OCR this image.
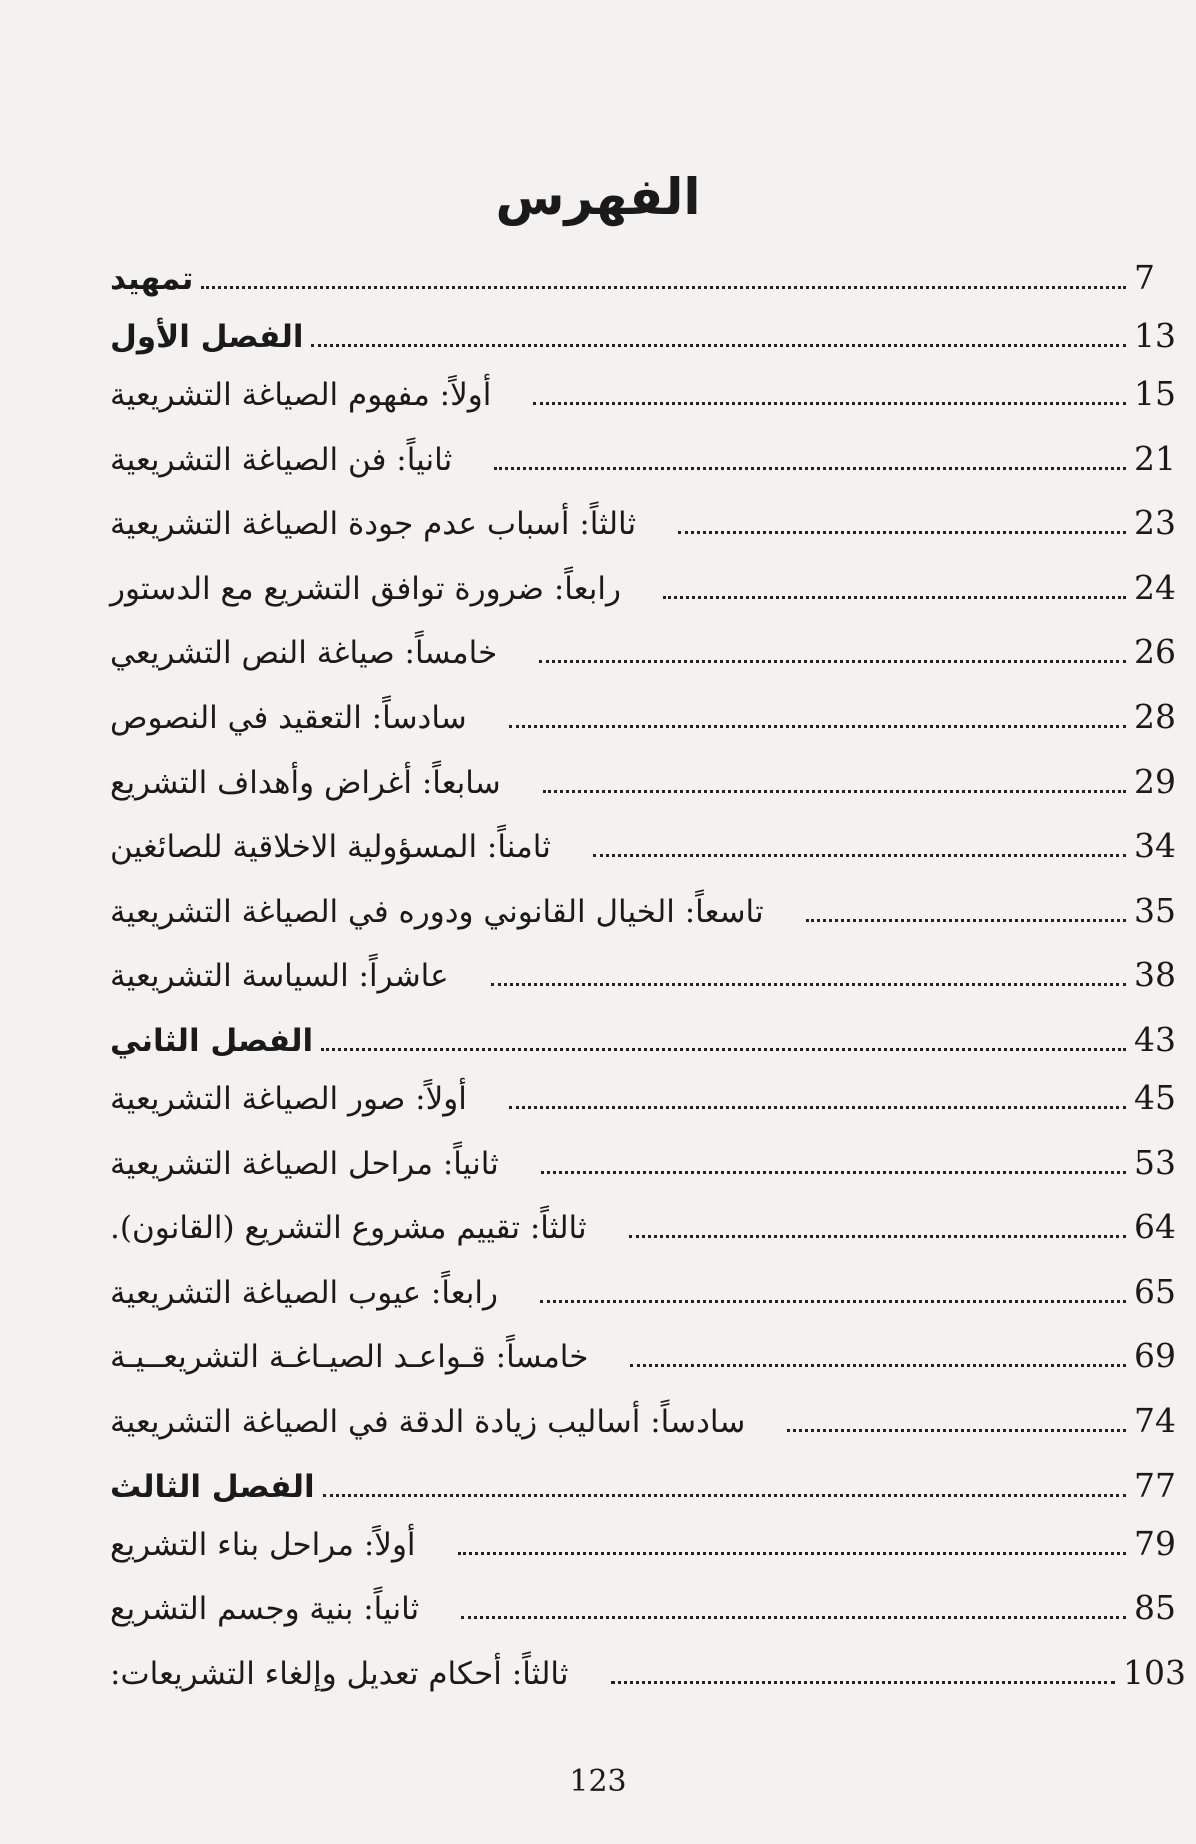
الفهرس
تمهيد	7
الفصل الأول	13
أولاً: مفهوم الصياغة التشريعية	15
ثانياً: فن الصياغة التشريعية	21
ثالثاً: أسباب عدم جودة الصياغة التشريعية	23
رابعاً: ضرورة توافق التشريع مع الدستور	24
خامساً: صياغة النص التشريعي	26
سادساً: التعقيد في النصوص	28
سابعاً: أغراض وأهداف التشريع	29
ثامناً: المسؤولية الاخلاقية للصائغين	34
تاسعاً: الخيال القانوني ودوره في الصياغة التشريعية	35
عاشراً: السياسة التشريعية	38
الفصل الثاني	43
أولاً: صور الصياغة التشريعية	45
ثانياً: مراحل الصياغة التشريعية	53
ثالثاً: تقييم مشروع التشريع (القانون).	64
رابعاً: عيوب الصياغة التشريعية	65
خامساً: قـواعـد الصيـاغـة التشريعــيـة	69
سادساً: أساليب زيادة الدقة في الصياغة التشريعية	74
الفصل الثالث	77
أولاً: مراحل بناء التشريع	79
ثانياً: بنية وجسم التشريع	85
ثالثاً: أحكام تعديل وإلغاء التشريعات:	103
123
